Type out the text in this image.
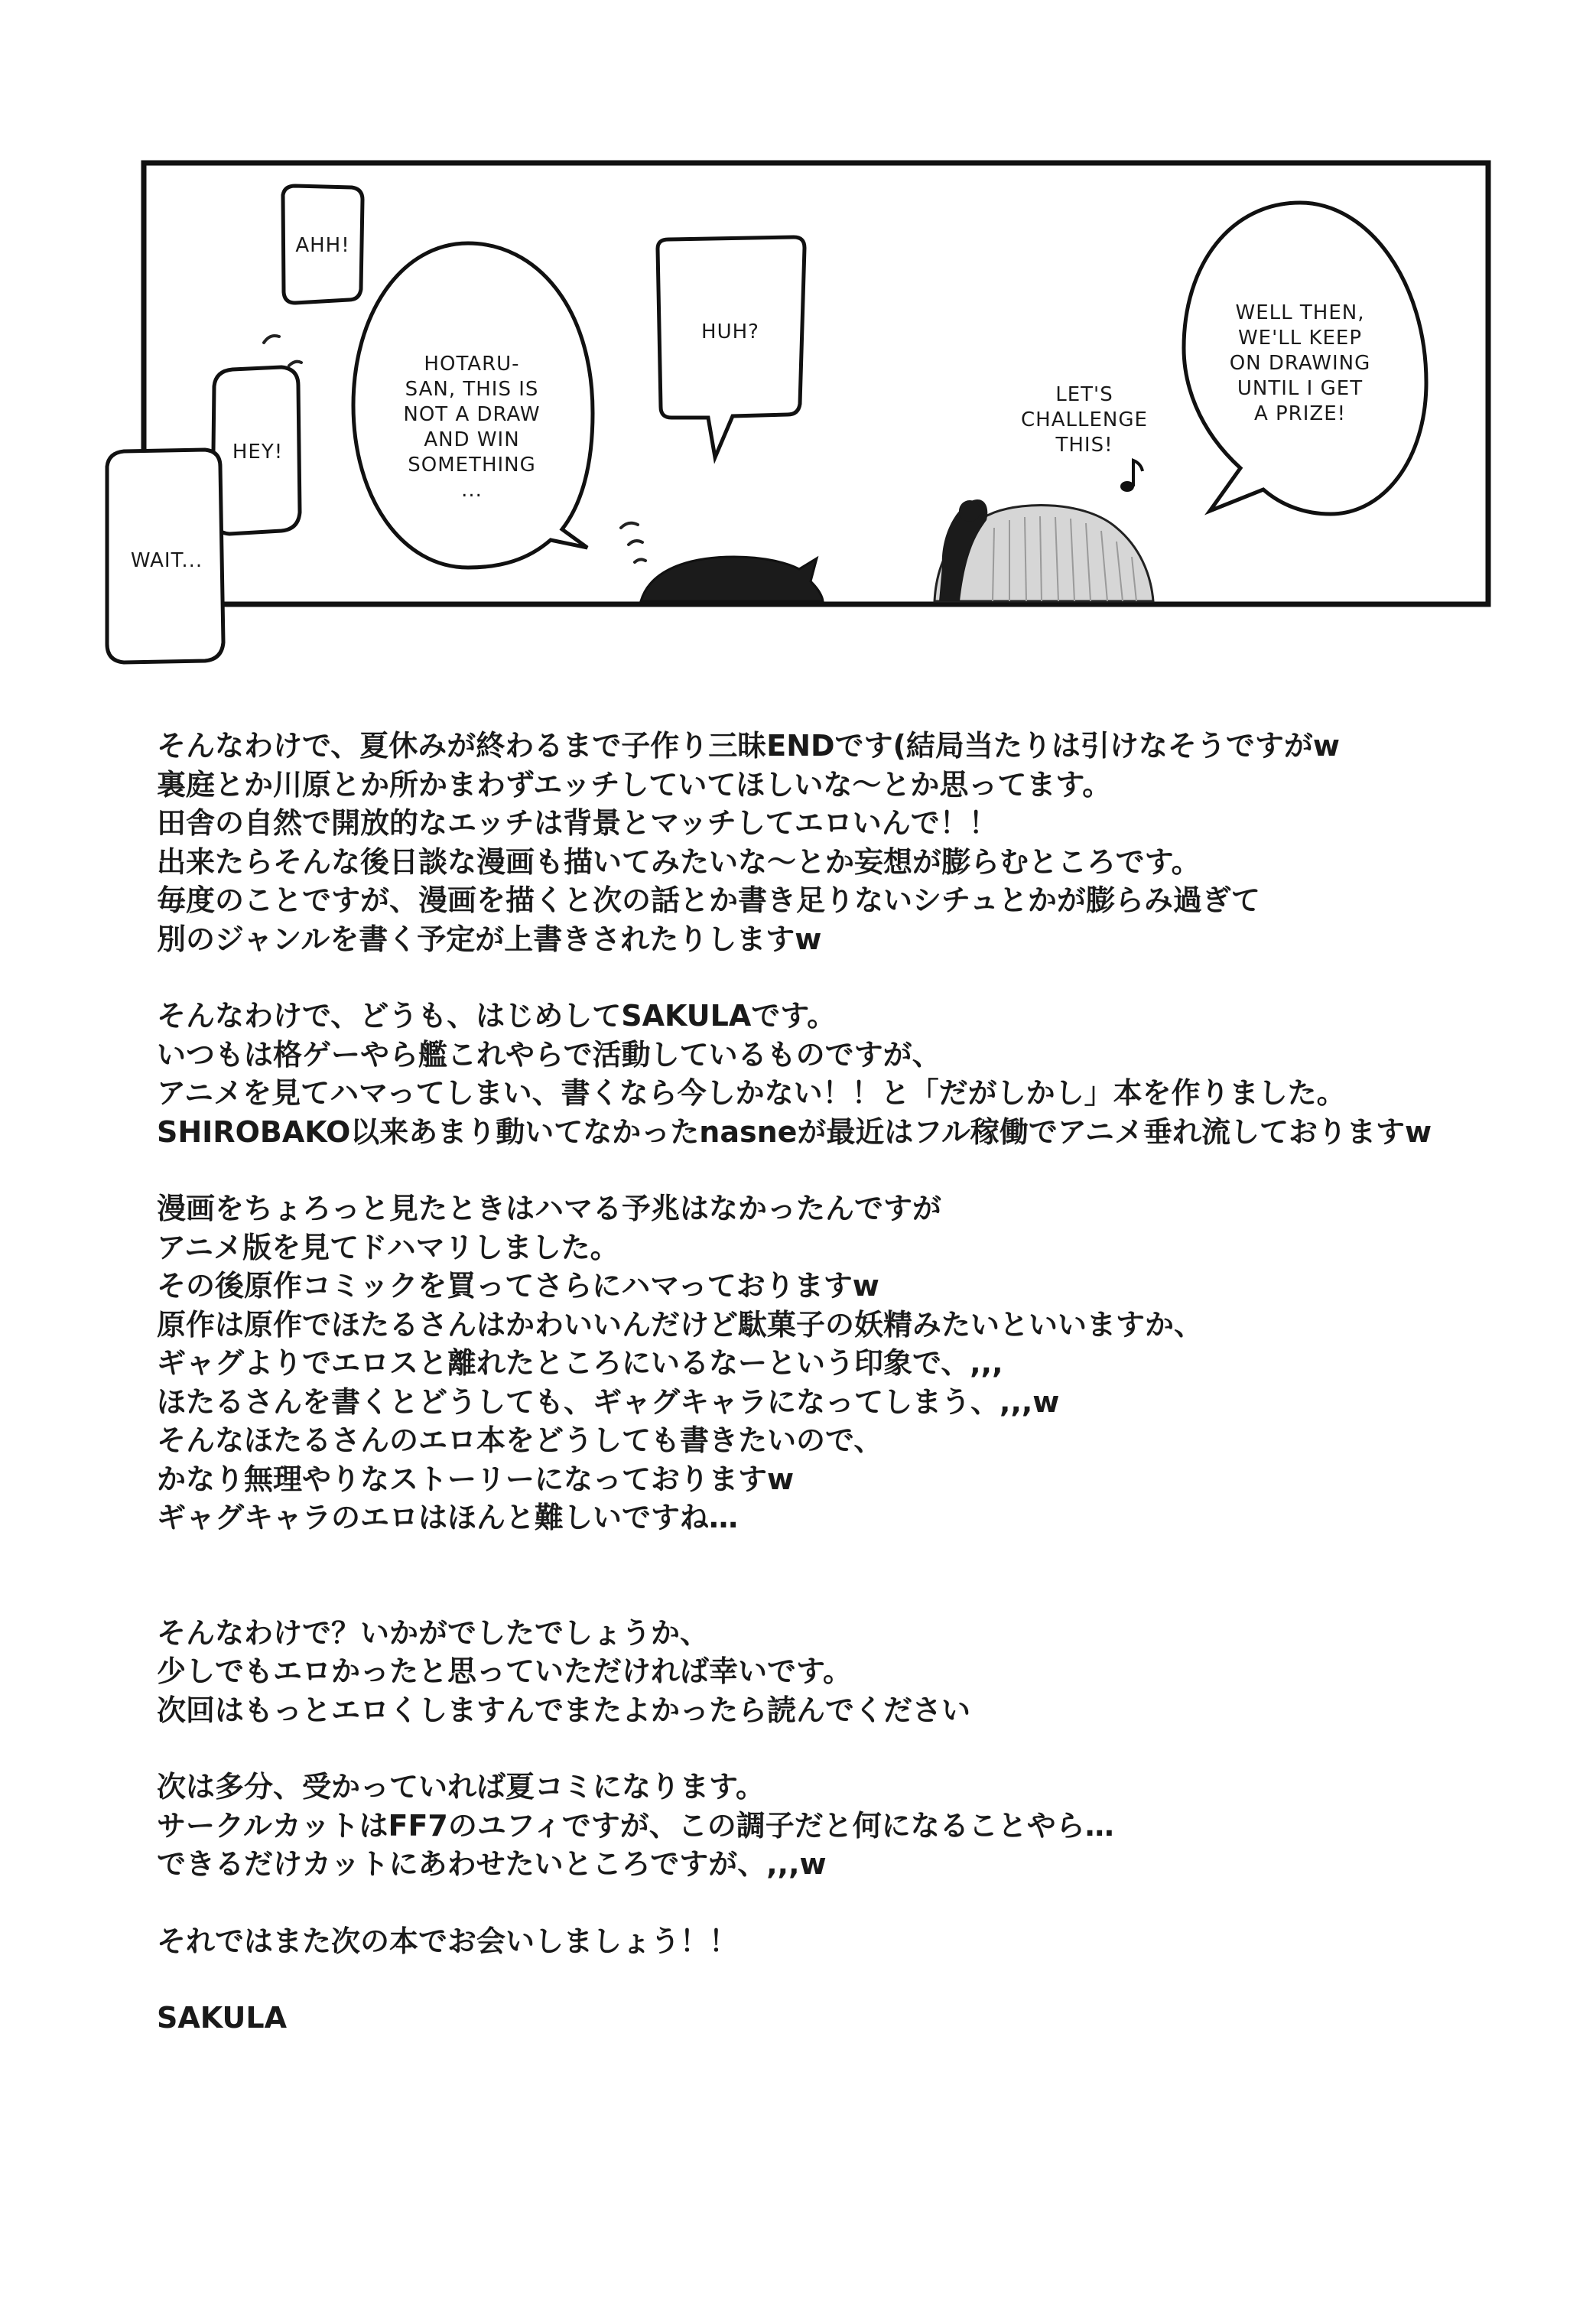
AHH!
HEY!
WAIT...
HOTARU-
SAN, THIS IS
NOT A DRAW
AND WIN
SOMETHING
...
HUH?
LET'S
CHALLENGE
THIS!
WELL THEN,
WE'LL KEEP
ON DRAWING
UNTIL I GET
A PRIZE!
そんなわけで、夏休みが終わるまで子作り三昧ENDです(結局当たりは引けなそうですがw
裏庭とか川原とか所かまわずエッチしていてほしいな～とか思ってます。
田舎の自然で開放的なエッチは背景とマッチしてエロいんで！！
出来たらそんな後日談な漫画も描いてみたいな～とか妄想が膨らむところです。
毎度のことですが、漫画を描くと次の話とか書き足りないシチュとかが膨らみ過ぎて
別のジャンルを書く予定が上書きされたりしますw
そんなわけで、どうも、はじめしてSAKULAです。
いつもは格ゲーやら艦これやらで活動しているものですが、
アニメを見てハマってしまい、書くなら今しかない！！と「だがしかし」本を作りました。
SHIROBAKO以来あまり動いてなかったnasneが最近はフル稼働でアニメ垂れ流しておりますw
漫画をちょろっと見たときはハマる予兆はなかったんですが
アニメ版を見てドハマリしました。
その後原作コミックを買ってさらにハマっておりますw
原作は原作でほたるさんはかわいいんだけど駄菓子の妖精みたいといいますか、
ギャグよりでエロスと離れたところにいるなーという印象で、,,,
ほたるさんを書くとどうしても、ギャグキャラになってしまう、,,,w
そんなほたるさんのエロ本をどうしても書きたいので、
かなり無理やりなストーリーになっておりますw
ギャグキャラのエロはほんと難しいですね…
そんなわけで？いかがでしたでしょうか、
少しでもエロかったと思っていただければ幸いです。
次回はもっとエロくしますんでまたよかったら読んでください
次は多分、受かっていれば夏コミになります。
サークルカットはFF7のユフィですが、この調子だと何になることやら…
できるだけカットにあわせたいところですが、,,,w
それではまた次の本でお会いしましょう！！
SAKULA
